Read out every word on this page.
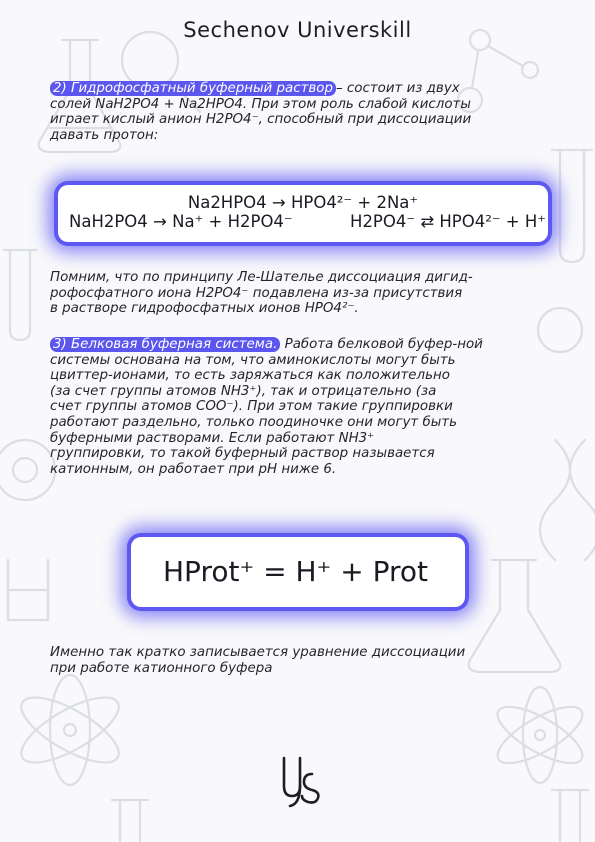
Sechenov Universkill
2) Гидрофосфатный буферный раствор – состоит из двух
солей NaH2PO4 + Na2HPO4. При этом роль слабой кислоты
играет кислый анион H2PO4⁻, способный при диссоциации
давать протон:
Na2HPO4 → HPO4²⁻ + 2Na⁺
NaH2PO4 → Na⁺ + H2PO4⁻	H2PO4⁻ ⇄ HPO4²⁻ + H⁺
Помним, что по принципу Ле-Шателье диссоциация дигид-
рофосфатного иона H2PO4⁻ подавлена из-за присутствия
в растворе гидрофосфатных ионов HPO4²⁻.
3) Белковая буферная система. Работа белковой буфер-ной
системы основана на том, что аминокислоты могут быть
цвиттер-ионами, то есть заряжаться как положительно
(за счет группы атомов NH3⁺), так и отрицательно (за
счет группы атомов COO⁻). При этом такие группировки
работают раздельно, только поодиночке они могут быть
буферными растворами. Если работают NH3⁺
группировки, то такой буферный раствор называется
катионным, он работает при pH ниже 6.
HProt⁺ = H⁺ + Prot
Именно так кратко записывается уравнение диссоциации
при работе катионного буфера
